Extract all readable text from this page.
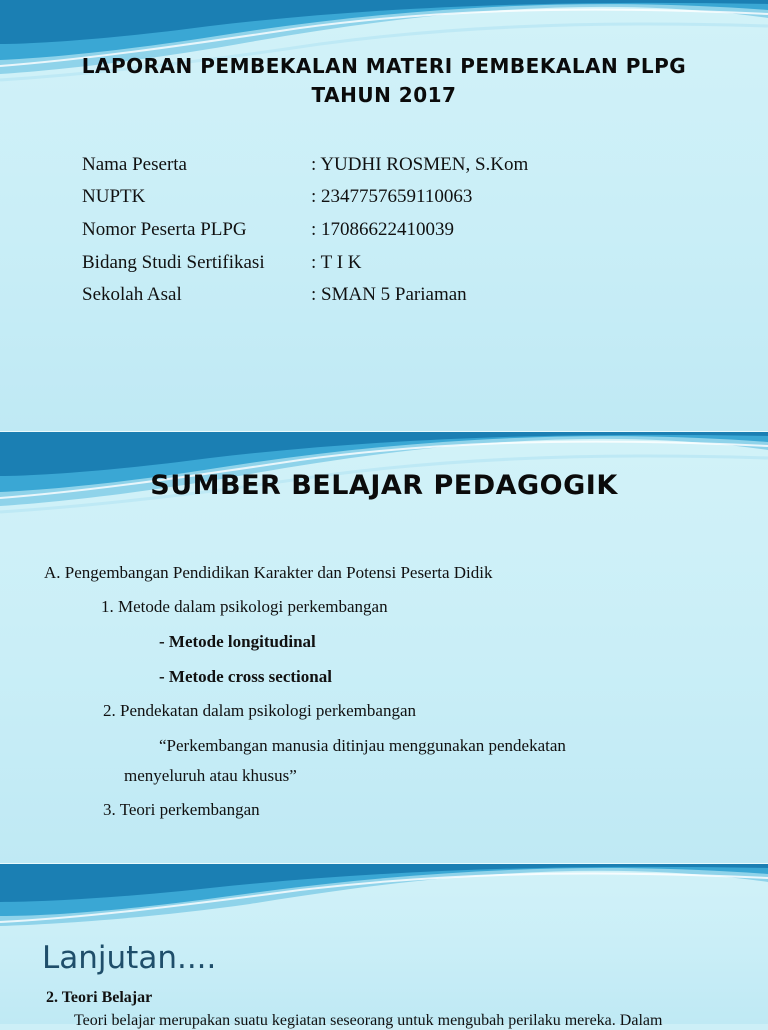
LAPORAN PEMBEKALAN MATERI PEMBEKALAN PLPG
TAHUN 2017
Nama Peserta	: YUDHI ROSMEN, S.Kom
NUPTK	: 2347757659110063
Nomor Peserta PLPG	: 17086622410039
Bidang Studi Sertifikasi : T I K
Sekolah Asal	: SMAN 5 Pariaman
SUMBER BELAJAR PEDAGOGIK
A. Pengembangan Pendidikan Karakter dan Potensi Peserta Didik
1. Metode dalam psikologi perkembangan
- Metode longitudinal
- Metode cross sectional
2. Pendekatan dalam psikologi perkembangan
“Perkembangan manusia ditinjau menggunakan pendekatan
menyeluruh atau khusus”
3. Teori perkembangan
Lanjutan....
2. Teori Belajar
Teori belajar merupakan suatu kegiatan seseorang untuk mengubah perilaku mereka. Dalam
